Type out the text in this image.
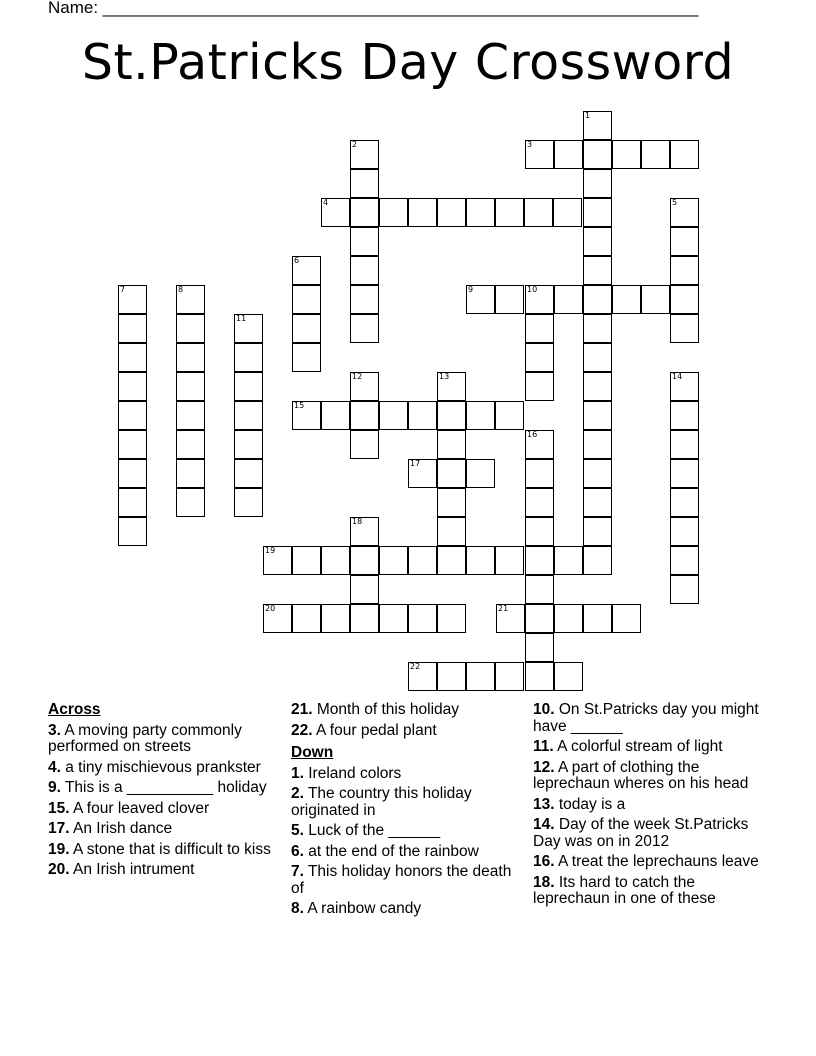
Name: _______________________________________________________________
St.Patricks Day Crossword
1
3
2
4	5
6
9	10
7	8
11
12	13	14
15
16
17
18
19
20	21
22
Across
3. A moving party commonly performed on streets
4. a tiny mischievous prankster
9. This is a __________ holiday
15. A four leaved clover
17. An Irish dance
19. A stone that is difficult to kiss
20. An Irish intrument
21. Month of this holiday
22. A four pedal plant
Down
1. Ireland colors
2. The country this holiday originated in
5. Luck of the ______
6. at the end of the rainbow
7. This holiday honors the death of
8. A rainbow candy
10. On St.Patricks day you might have ______
11. A colorful stream of light
12. A part of clothing the leprechaun wheres on his head
13. today is a
14. Day of the week St.Patricks Day was on in 2012
16. A treat the leprechauns leave
18. Its hard to catch the leprechaun in one of these
